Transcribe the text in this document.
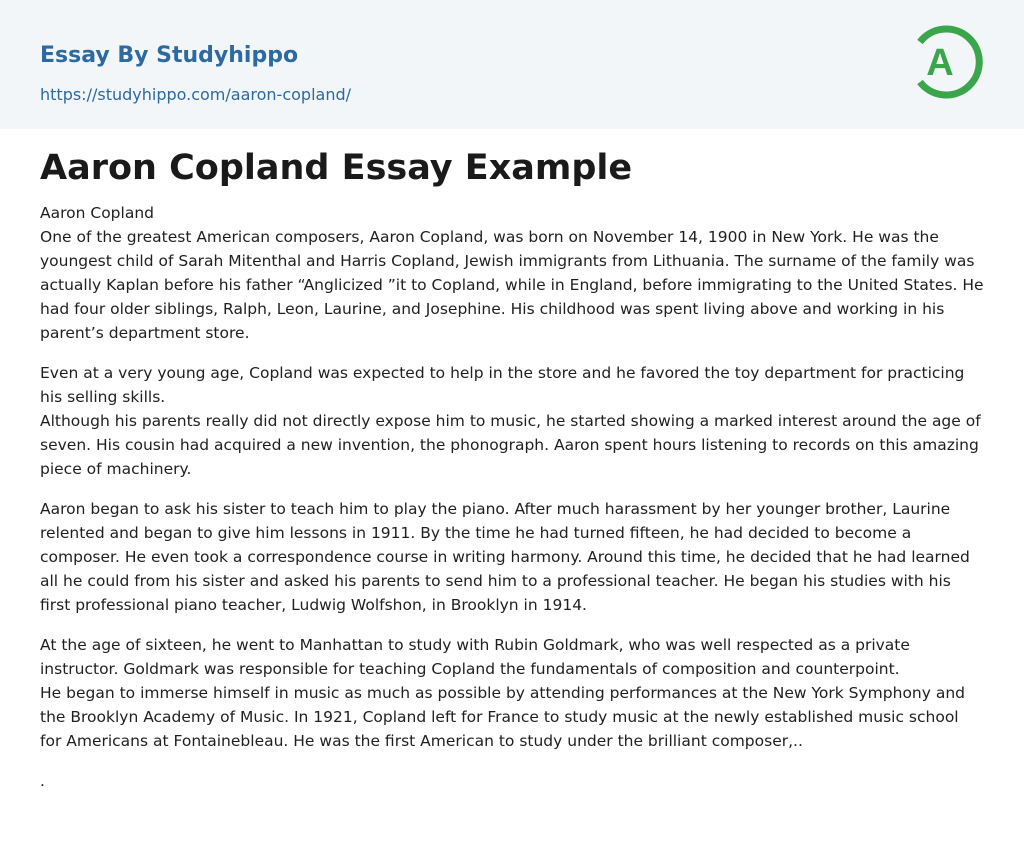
Essay By Studyhippo
https://studyhippo.com/aaron-copland/
A
Aaron Copland Essay Example
Aaron Copland

One of the greatest American composers, Aaron Copland, was born on November 14, 1900 in New York. He was the youngest child of Sarah Mitenthal and Harris Copland, Jewish immigrants from Lithuania. The surname of the family was actually Kaplan before his father “Anglicized ”it to Copland, while in England, before immigrating to the United States. He had four older siblings, Ralph, Leon, Laurine, and Josephine. His childhood was spent living above and working in his parent’s department store.

Even at a very young age, Copland was expected to help in the store and he favored the toy department for practicing his selling skills.
Although his parents really did not directly expose him to music, he started showing a marked interest around the age of seven. His cousin had acquired a new invention, the phonograph. Aaron spent hours listening to records on this amazing piece of machinery.

Aaron began to ask his sister to teach him to play the piano. After much harassment by her younger brother, Laurine relented and began to give him lessons in 1911. By the time he had turned fifteen, he had decided to become a composer. He even took a correspondence course in writing harmony. Around this time, he decided that he had learned all he could from his sister and asked his parents to send him to a professional teacher. He began his studies with his first professional piano teacher, Ludwig Wolfshon, in Brooklyn in 1914.

At the age of sixteen, he went to Manhattan to study with Rubin Goldmark, who was well respected as a private instructor. Goldmark was responsible for teaching Copland the fundamentals of composition and counterpoint.
He began to immerse himself in music as much as possible by attending performances at the New York Symphony and the Brooklyn Academy of Music. In 1921, Copland left for France to study music at the newly established music school for Americans at Fontainebleau. He was the first American to study under the brilliant composer,..

.
